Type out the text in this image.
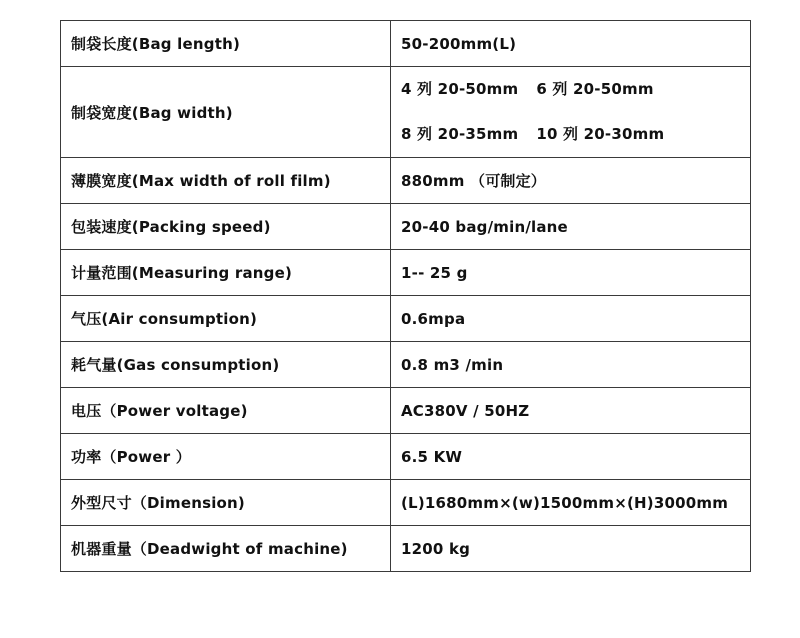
制袋长度(Bag length)	50-200mm(L)
制袋宽度(Bag width)	4 列 20-50mm 6 列 20-50mm
8 列 20-35mm 10 列 20-30mm

薄膜宽度(Max width of roll film)	880mm （可制定）
包装速度(Packing speed)	20-40 bag/min/lane
计量范围(Measuring range)	1-- 25 g
气压(Air consumption)	0.6mpa
耗气量(Gas consumption)	0.8 m3 /min
电压（Power voltage)	AC380V / 50HZ
功率（Power ）	6.5 KW
外型尺寸（Dimension)	(L)1680mm×(w)1500mm×(H)3000mm
机器重量（Deadwight of machine)	1200 kg
